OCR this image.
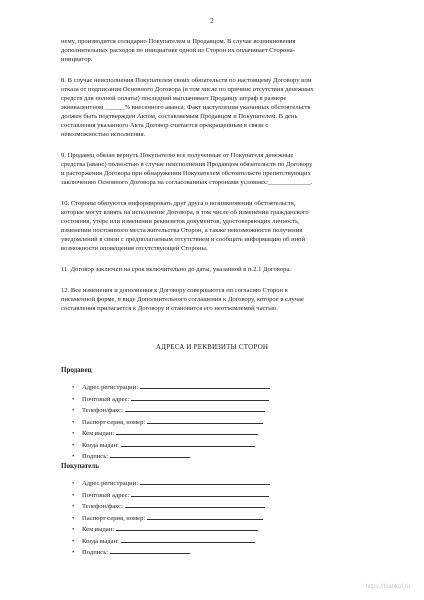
2
нему, производится солидарно Покупателем и Продавцом. В случае возникновения
дополнительных расходов по инициативе одной из Сторон их оплачивает Сторона-
инициатор.
8. В случае неисполнения Покупателем своих обязательств по настоящему Договору или
отказа от подписания Основного Договора (в том числе по причине отсутствия денежных
средств для полной оплаты) последний выплачивает Продавцу штраф в размере
эквивалентном ______% внесенного аванса. Факт наступления указанных обстоятельств
должен быть подтвержден Актом, составляемым Продавцом и Покупателем. В день
составления указанного Акта Договор считается прекращенным в связи с
невозможностью исполнения.
9. Продавец обязан вернуть Покупателю все полученные от Покупателя денежные
средства (аванс) полностью в случае неисполнения Продавцом обязательств по Договору
и расторжения Договора при обнаружении Покупателем обстоятельств препятствующих
заключению Основного Договора на согласованных сторонами условиях:_____________.
10. Стороны обязуются информировать друг друга о возникновении обстоятельств,
которые могут влиять на исполнение Договора, в том числе об изменении гражданского
состояния, утере или изменении реквизитов документов, удостоверяющих личность,
изменении постоянного места жительства Сторон, а также невозможности получения
уведомлений в связи с предполагаемым отсутствием и сообщать информацию об иной
возможности оповещения отсутствующей Стороны.
11. Договор заключен на срок включительно до даты, указанной в п.2.1 Договора.
12. Все изменения и дополнения к Договору совершаются по согласию Сторон в
письменной форме, в виде Дополнительного соглашения к Договору, которое в случае
составления прилагается к Договору и становится его неотъемлемой частью.
АДРЕСА И РЕКВИЗИТЫ СТОРОН
Продавец
• Адрес регистрации:
• Почтовый адрес:
• Телефон/факс:
• Паспорт серия, номер:
• Кем выдан:
• Когда выдан:
• Подпись:
Покупатель
• Адрес регистрации:
• Почтовый адрес:
• Телефон/факс:
• Паспорт серия, номер:
• Кем выдан:
• Когда выдан:
• Подпись:
https://blankof.ru
